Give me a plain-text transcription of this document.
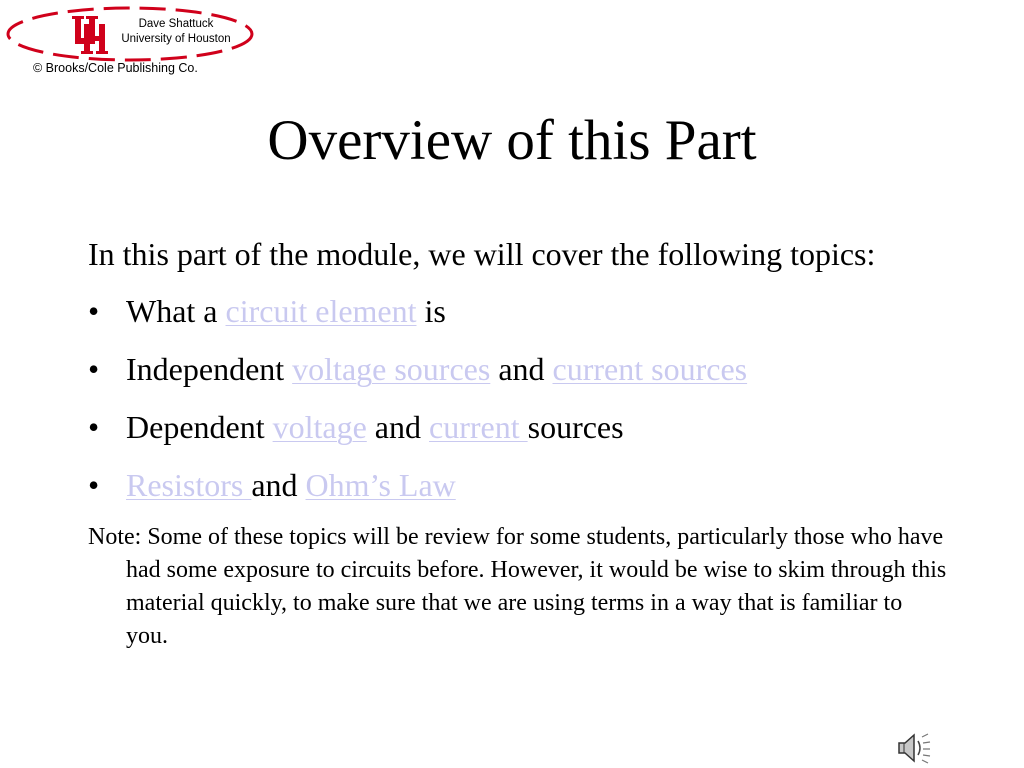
Dave Shattuck
University of Houston
© Brooks/Cole Publishing Co.
Overview of this Part

In this part of the module, we will cover the following topics:

• What a circuit element is
• Independent voltage sources and current sources
• Dependent voltage and current sources
• Resistors and Ohm’s Law

Note: Some of these topics will be review for some students, particularly those who have had some exposure to circuits before. However, it would be wise to skim through this material quickly, to make sure that we are using terms in a way that is familiar to you.
